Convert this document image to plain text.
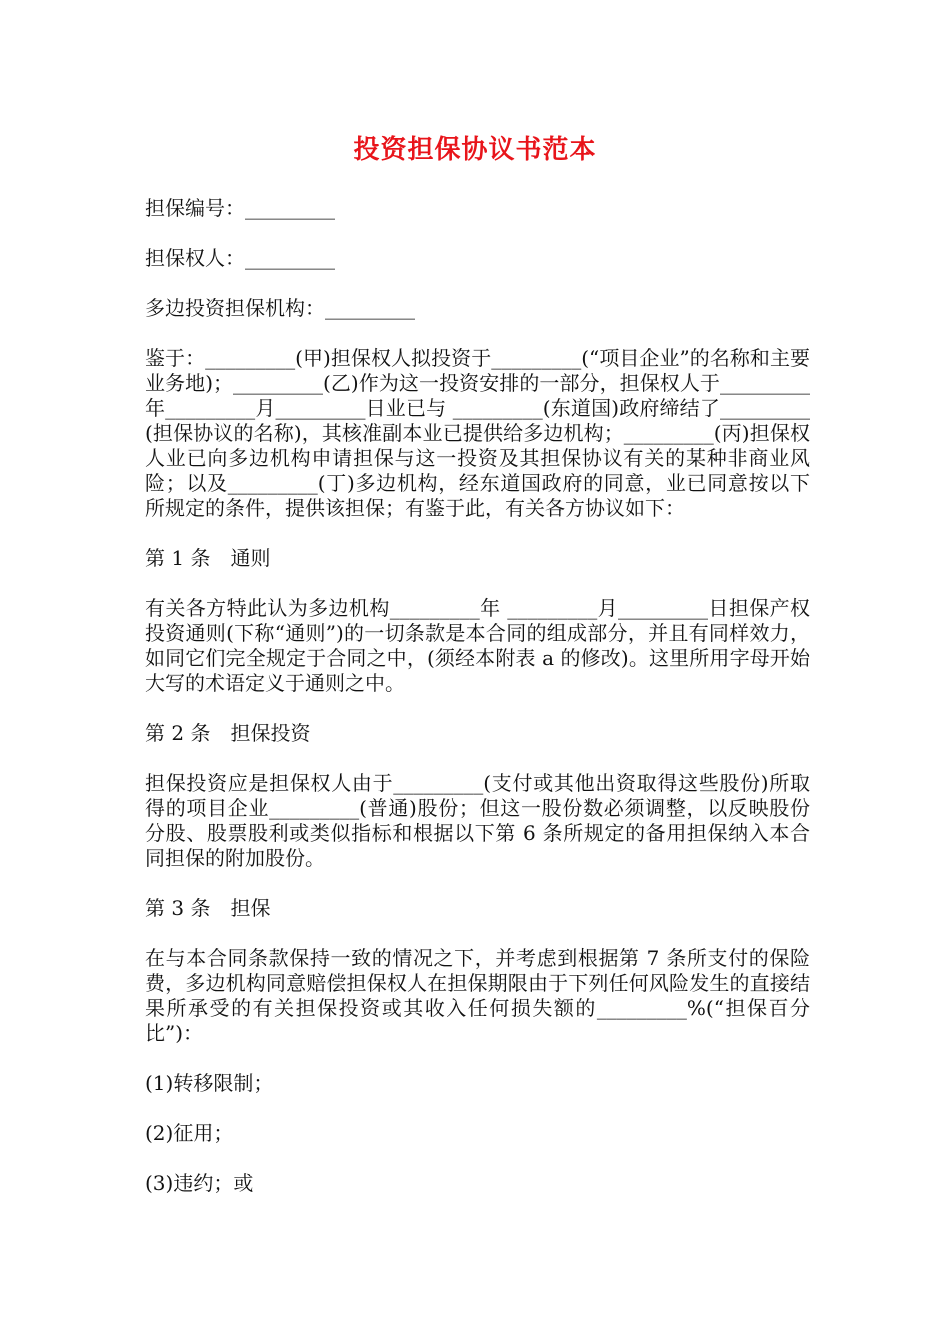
投资担保协议书范本
担保编号：_________
担保权人：_________
多边投资担保机构：_________
鉴于：_________(甲)担保权人拟投资于_________(“项目企业”的名称和主要业务地)；_________(乙)作为这一投资安排的一部分，担保权人于_________年_________月_________日业已与 _________(东道国)政府缔结了_________(担保协议的名称)，其核准副本业已提供给多边机构；_________(丙)担保权人业已向多边机构申请担保与这一投资及其担保协议有关的某种非商业风险；以及_________(丁)多边机构，经东道国政府的同意，业已同意按以下所规定的条件，提供该担保；有鉴于此，有关各方协议如下：
第 1 条　通则
有关各方特此认为多边机构_________年 _________月_________日担保产权投资通则(下称“通则”)的一切条款是本合同的组成部分，并且有同样效力，如同它们完全规定于合同之中，(须经本附表 a 的修改)。这里所用字母开始大写的术语定义于通则之中。
第 2 条　担保投资
担保投资应是担保权人由于_________(支付或其他出资取得这些股份)所取得的项目企业_________(普通)股份；但这一股份数必须调整，以反映股份分股、股票股利或类似指标和根据以下第 6 条所规定的备用担保纳入本合同担保的附加股份。
第 3 条　担保
在与本合同条款保持一致的情况之下，并考虑到根据第 7 条所支付的保险费，多边机构同意赔偿担保权人在担保期限由于下列任何风险发生的直接结果所承受的有关担保投资或其收入任何损失额的_________%(“担保百分比”)：
(1)转移限制；
(2)征用；
(3)违约；或
